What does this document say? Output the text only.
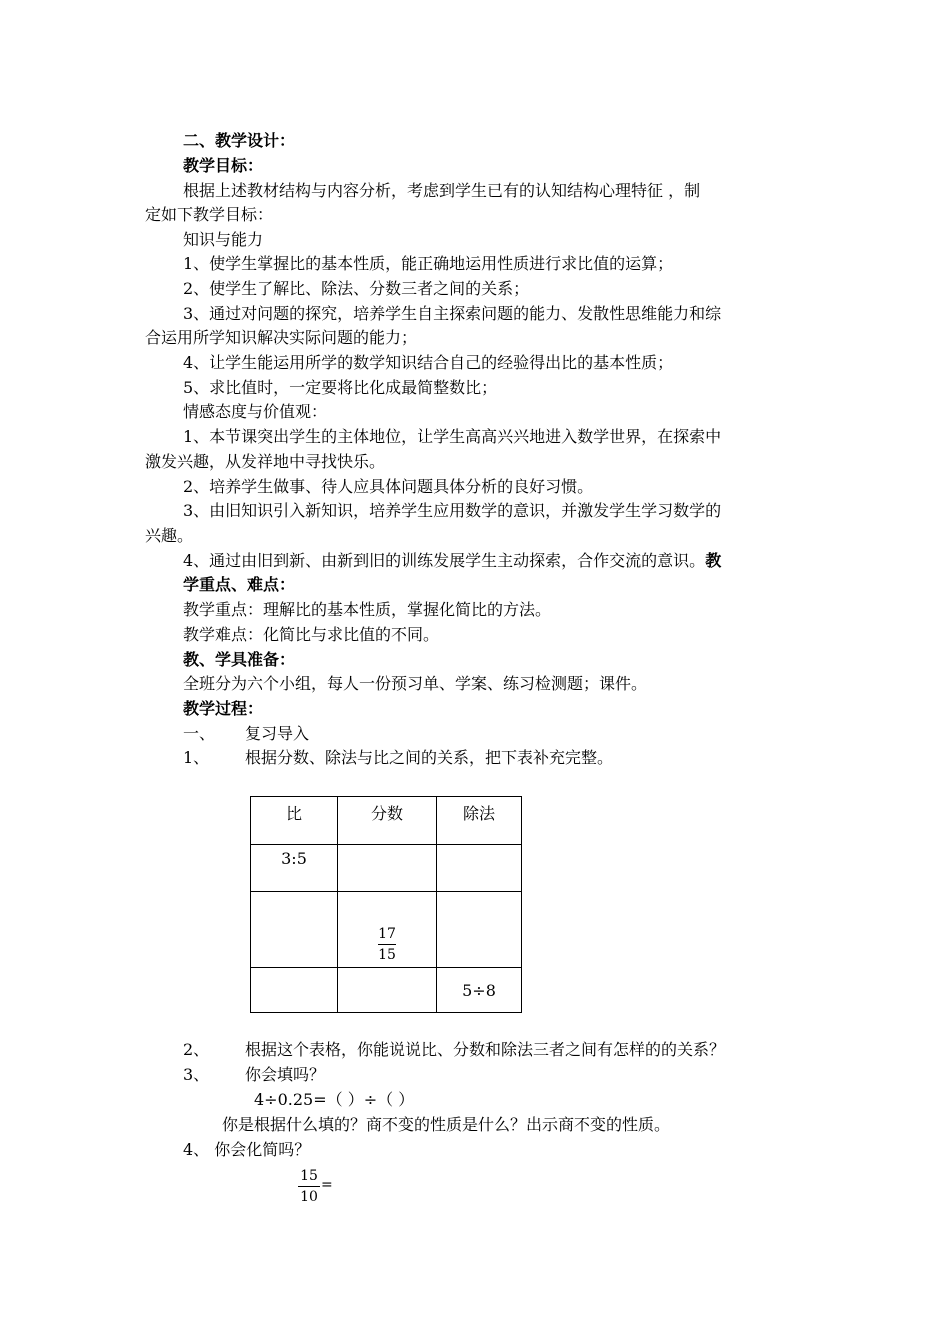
二、教学设计：
教学目标：
根据上述教材结构与内容分析，考虑到学生已有的认知结构心理特征 ，制
定如下教学目标：
知识与能力
1、使学生掌握比的基本性质，能正确地运用性质进行求比值的运算；
2、使学生了解比、除法、分数三者之间的关系；
3、通过对问题的探究，培养学生自主探索问题的能力、发散性思维能力和综
合运用所学知识解决实际问题的能力；
4、让学生能运用所学的数学知识结合自己的经验得出比的基本性质；
5、求比值时，一定要将比化成最简整数比；
情感态度与价值观：
1、本节课突出学生的主体地位，让学生高高兴兴地进入数学世界，在探索中
激发兴趣，从发祥地中寻找快乐。
2、培养学生做事、待人应具体问题具体分析的良好习惯。
3、由旧知识引入新知识，培养学生应用数学的意识，并激发学生学习数学的
兴趣。
4、通过由旧到新、由新到旧的训练发展学生主动探索，合作交流的意识。教
学重点、难点：
教学重点：理解比的基本性质，掌握化简比的方法。
教学难点：化简比与求比值的不同。
教、学具准备：
全班分为六个小组，每人一份预习单、学案、练习检测题；课件。
教学过程：
一、 复习导入
1、 根据分数、除法与比之间的关系，把下表补充完整。
比	分数	除法
3:5		

	$\frac{17}{15}$

		5÷8
2、 根据这个表格，你能说说比、分数和除法三者之间有怎样的的关系？
3、 你会填吗？
4÷0.25=（ ）÷（ ）
你是根据什么填的？商不变的性质是什么？出示商不变的性质。
4、 你会化简吗？
15
10
=
